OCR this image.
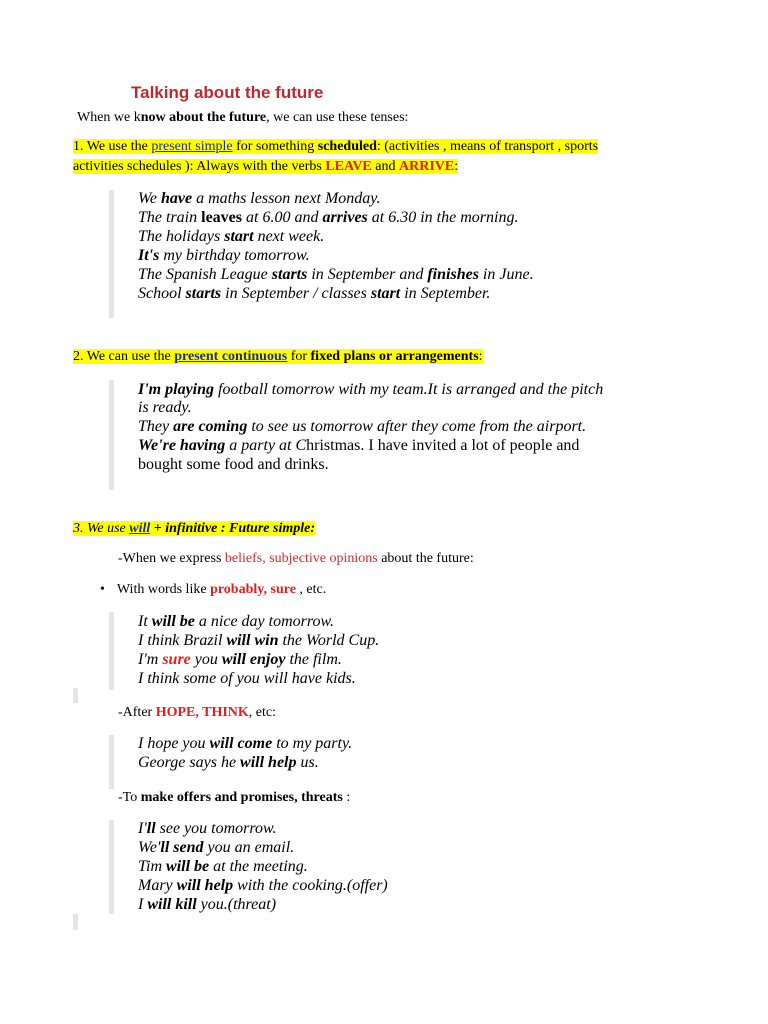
Talking about the future
When we know about the future, we can use these tenses:
1. We use the present simple for something scheduled: (activities , means of transport , sports
activities schedules ): Always with the verbs LEAVE and ARRIVE:
We have a maths lesson next Monday.
The train leaves at 6.00 and arrives at 6.30 in the morning.
The holidays start next week.
It's my birthday tomorrow.
The Spanish League starts in September and finishes in June.
School starts in September / classes start in September.
2. We can use the present continuous for fixed plans or arrangements:
I'm playing football tomorrow with my team.It is arranged and the pitch
is ready.
They are coming to see us tomorrow after they come from the airport.
We're having a party at Christmas. I have invited a lot of people and
bought some food and drinks.
3. We use will + infinitive : Future simple:
-When we express beliefs, subjective opinions about the future:
• With words like probably, sure , etc.
It will be a nice day tomorrow.
I think Brazil will win the World Cup.
I'm sure you will enjoy the film.
I think some of you will have kids.
-After HOPE, THINK, etc:
I hope you will come to my party.
George says he will help us.
-To make offers and promises, threats :
I'll see you tomorrow.
We'll send you an email.
Tim will be at the meeting.
Mary will help with the cooking.(offer)
I will kill you.(threat)
